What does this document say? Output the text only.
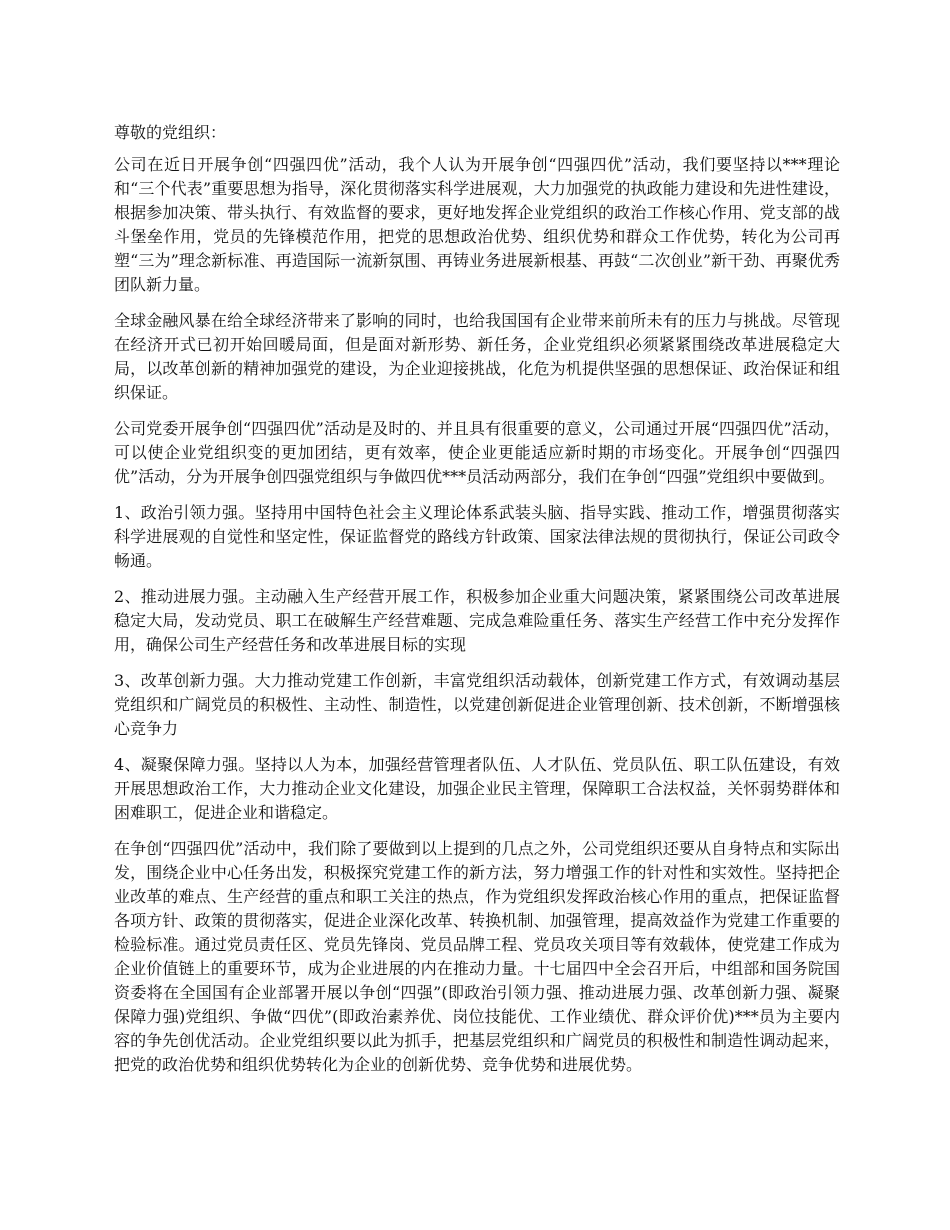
尊敬的党组织：

公司在近日开展争创“四强四优”活动，我个人认为开展争创“四强四优”活动，我们要坚持以***理论和“三个代表”重要思想为指导，深化贯彻落实科学进展观，大力加强党的执政能力建设和先进性建设，根据参加决策、带头执行、有效监督的要求，更好地发挥企业党组织的政治工作核心作用、党支部的战斗堡垒作用，党员的先锋模范作用，把党的思想政治优势、组织优势和群众工作优势，转化为公司再塑“三为”理念新标准、再造国际一流新氛围、再铸业务进展新根基、再鼓“二次创业”新干劲、再聚优秀团队新力量。

全球金融风暴在给全球经济带来了影响的同时，也给我国国有企业带来前所未有的压力与挑战。尽管现在经济开式已初开始回暖局面，但是面对新形势、新任务，企业党组织必须紧紧围绕改革进展稳定大局，以改革创新的精神加强党的建设，为企业迎接挑战，化危为机提供坚强的思想保证、政治保证和组织保证。

公司党委开展争创“四强四优”活动是及时的、并且具有很重要的意义，公司通过开展“四强四优”活动，可以使企业党组织变的更加团结，更有效率，使企业更能适应新时期的市场变化。开展争创“四强四优”活动，分为开展争创四强党组织与争做四优***员活动两部分，我们在争创“四强”党组织中要做到。

1、政治引领力强。坚持用中国特色社会主义理论体系武装头脑、指导实践、推动工作，增强贯彻落实科学进展观的自觉性和坚定性，保证监督党的路线方针政策、国家法律法规的贯彻执行，保证公司政令畅通。

2、推动进展力强。主动融入生产经营开展工作，积极参加企业重大问题决策，紧紧围绕公司改革进展稳定大局，发动党员、职工在破解生产经营难题、完成急难险重任务、落实生产经营工作中充分发挥作用，确保公司生产经营任务和改革进展目标的实现

3、改革创新力强。大力推动党建工作创新，丰富党组织活动载体，创新党建工作方式，有效调动基层党组织和广阔党员的积极性、主动性、制造性，以党建创新促进企业管理创新、技术创新，不断增强核心竞争力

4、凝聚保障力强。坚持以人为本，加强经营管理者队伍、人才队伍、党员队伍、职工队伍建设，有效开展思想政治工作，大力推动企业文化建设，加强企业民主管理，保障职工合法权益，关怀弱势群体和困难职工，促进企业和谐稳定。

在争创“四强四优”活动中，我们除了要做到以上提到的几点之外，公司党组织还要从自身特点和实际出发，围绕企业中心任务出发，积极探究党建工作的新方法，努力增强工作的针对性和实效性。坚持把企业改革的难点、生产经营的重点和职工关注的热点，作为党组织发挥政治核心作用的重点，把保证监督各项方针、政策的贯彻落实，促进企业深化改革、转换机制、加强管理，提高效益作为党建工作重要的检验标准。通过党员责任区、党员先锋岗、党员品牌工程、党员攻关项目等有效载体，使党建工作成为企业价值链上的重要环节，成为企业进展的内在推动力量。十七届四中全会召开后，中组部和国务院国资委将在全国国有企业部署开展以争创“四强”(即政治引领力强、推动进展力强、改革创新力强、凝聚保障力强)党组织、争做“四优”(即政治素养优、岗位技能优、工作业绩优、群众评价优)***员为主要内容的争先创优活动。企业党组织要以此为抓手，把基层党组织和广阔党员的积极性和制造性调动起来，把党的政治优势和组织优势转化为企业的创新优势、竞争优势和进展优势。
